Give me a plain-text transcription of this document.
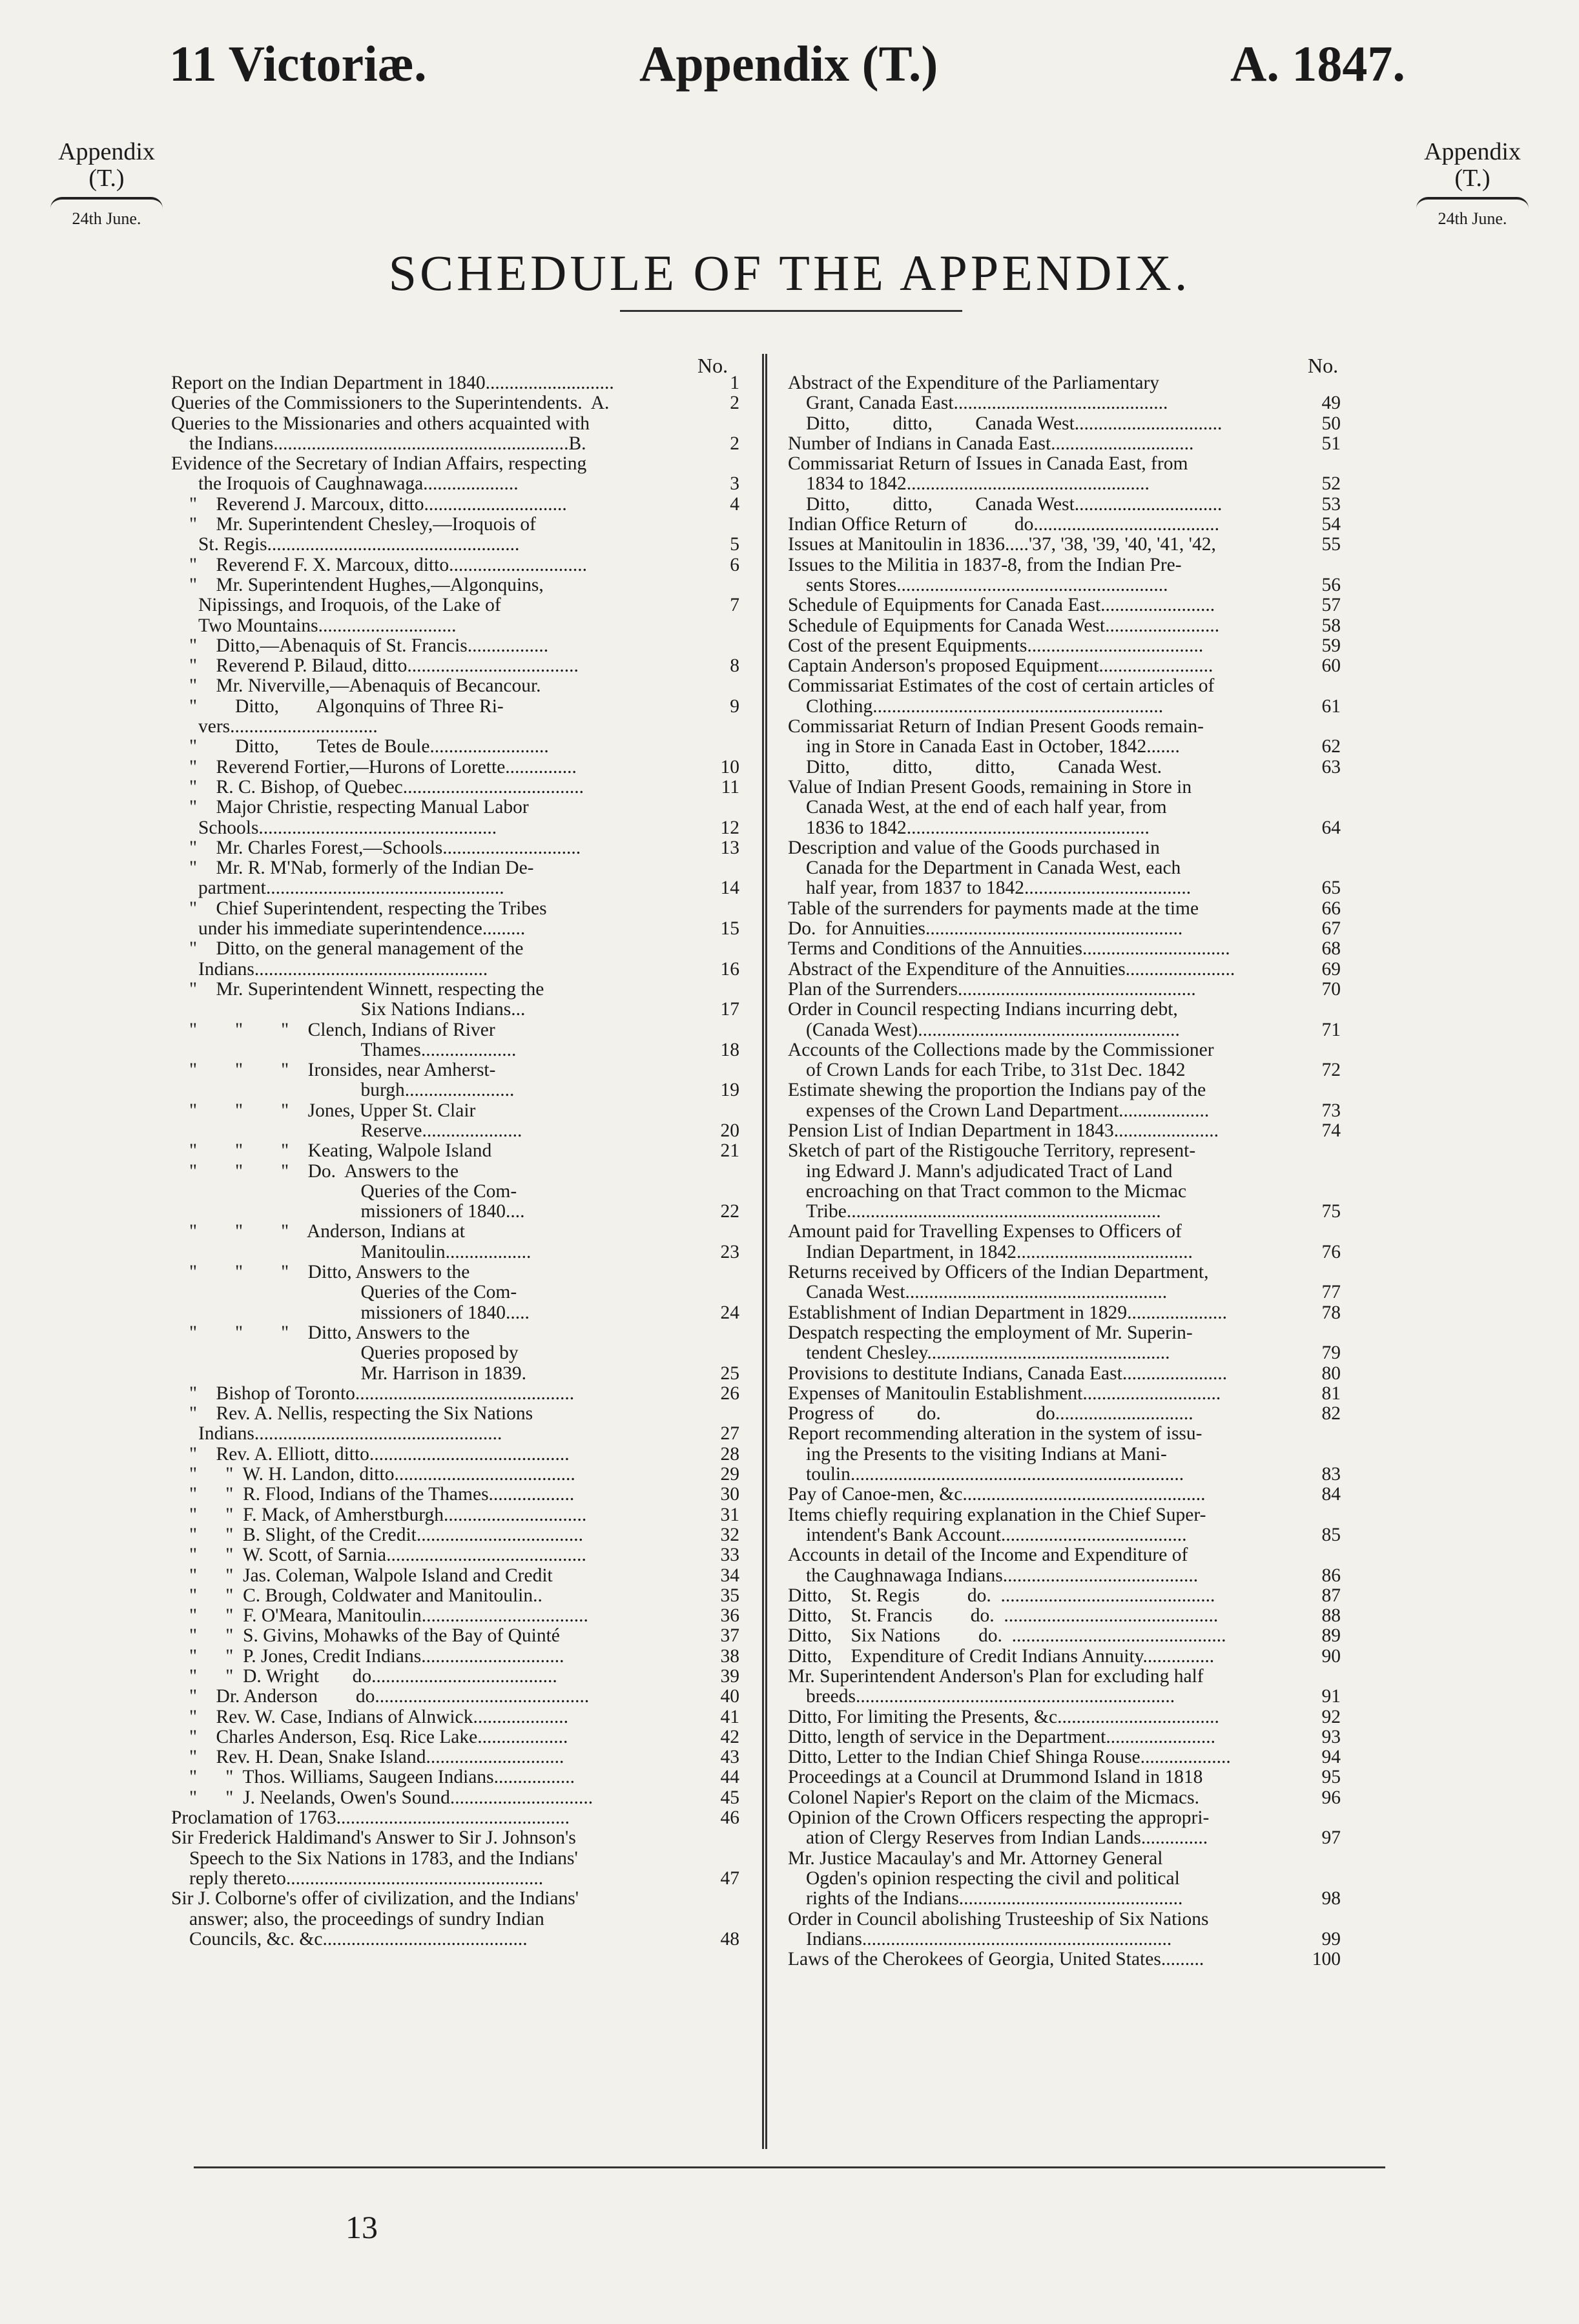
11 Victoriæ.	Appendix (T.)	A. 1847.
Appendix
(T.)
24th June.
Appendix
(T.)
24th June.
SCHEDULE OF THE APPENDIX.
No.	No.
Report on the Indian Department in 1840...........................	1
Queries of the Commissioners to the Superintendents.  A.	2
Queries to the Missionaries and others acquainted with
the Indians..............................................................B.	2
Evidence of the Secretary of Indian Affairs, respecting
the Iroquois of Caughnawaga....................	3
"    Reverend J. Marcoux, ditto..............................	4
"    Mr. Superintendent Chesley,—Iroquois of
St. Regis.....................................................	5
"    Reverend F. X. Marcoux, ditto.............................	6
"    Mr. Superintendent Hughes,—Algonquins,
Nipissings, and Iroquois, of the Lake of	7
Two Mountains.............................
"    Ditto,—Abenaquis of St. Francis.................
"    Reverend P. Bilaud, ditto....................................	8
"    Mr. Niverville,—Abenaquis of Becancour.
"        Ditto,        Algonquins of Three Ri-	9
vers...............................
"        Ditto,        Tetes de Boule.........................
"    Reverend Fortier,—Hurons of Lorette...............	10
"    R. C. Bishop, of Quebec......................................	11
"    Major Christie, respecting Manual Labor
Schools..................................................	12
"    Mr. Charles Forest,—Schools.............................	13
"    Mr. R. M'Nab, formerly of the Indian De-
partment..................................................	14
"    Chief Superintendent, respecting the Tribes
under his immediate superintendence.........	15
"    Ditto, on the general management of the
Indians.................................................	16
"    Mr. Superintendent Winnett, respecting the
Six Nations Indians...	17
"        "        "    Clench, Indians of River
Thames....................	18
"        "        "    Ironsides, near Amherst-
burgh.......................	19
"        "        "    Jones, Upper St. Clair
Reserve.....................	20
"        "        "    Keating, Walpole Island	21
"        "        "    Do.  Answers to the
Queries of the Com-
missioners of 1840....	22
"        "        "    Anderson, Indians at
Manitoulin..................	23
"        "        "    Ditto, Answers to the
Queries of the Com-
missioners of 1840.....	24
"        "        "    Ditto, Answers to the
Queries proposed by
Mr. Harrison in 1839.	25
"    Bishop of Toronto..............................................	26
"    Rev. A. Nellis, respecting the Six Nations
Indians....................................................	27
"    Rev. A. Elliott, ditto..........................................	28
"      "  W. H. Landon, ditto......................................	29
"      "  R. Flood, Indians of the Thames..................	30
"      "  F. Mack, of Amherstburgh..............................	31
"      "  B. Slight, of the Credit...................................	32
"      "  W. Scott, of Sarnia..........................................	33
"      "  Jas. Coleman, Walpole Island and Credit	34
"      "  C. Brough, Coldwater and Manitoulin..	35
"      "  F. O'Meara, Manitoulin...................................	36
"      "  S. Givins, Mohawks of the Bay of Quinté	37
"      "  P. Jones, Credit Indians..............................	38
"      "  D. Wright       do.......................................	39
"    Dr. Anderson        do.............................................	40
"    Rev. W. Case, Indians of Alnwick....................	41
"    Charles Anderson, Esq. Rice Lake...................	42
"    Rev. H. Dean, Snake Island.............................	43
"      "  Thos. Williams, Saugeen Indians.................	44
"      "  J. Neelands, Owen's Sound..............................	45
Proclamation of 1763.................................................	46
Sir Frederick Haldimand's Answer to Sir J. Johnson's
Speech to the Six Nations in 1783, and the Indians'
reply thereto......................................................	47
Sir J. Colborne's offer of civilization, and the Indians'
answer; also, the proceedings of sundry Indian
Councils, &c. &c...........................................	48
Abstract of the Expenditure of the Parliamentary
Grant, Canada East.............................................	49
Ditto,         ditto,         Canada West...............................	50
Number of Indians in Canada East..............................	51
Commissariat Return of Issues in Canada East, from
1834 to 1842...................................................	52
Ditto,         ditto,         Canada West...............................	53
Indian Office Return of          do.......................................	54
Issues at Manitoulin in 1836.....'37, '38, '39, '40, '41, '42,	55
Issues to the Militia in 1837-8, from the Indian Pre-
sents Stores.........................................................	56
Schedule of Equipments for Canada East........................	57
Schedule of Equipments for Canada West........................	58
Cost of the present Equipments.....................................	59
Captain Anderson's proposed Equipment........................	60
Commissariat Estimates of the cost of certain articles of
Clothing.............................................................	61
Commissariat Return of Indian Present Goods remain-
ing in Store in Canada East in October, 1842.......	62
Ditto,         ditto,         ditto,         Canada West.	63
Value of Indian Present Goods, remaining in Store in
Canada West, at the end of each half year, from
1836 to 1842...................................................	64
Description and value of the Goods purchased in
Canada for the Department in Canada West, each
half year, from 1837 to 1842...................................	65
Table of the surrenders for payments made at the time	66
Do.  for Annuities......................................................	67
Terms and Conditions of the Annuities...............................	68
Abstract of the Expenditure of the Annuities.......................	69
Plan of the Surrenders..................................................	70
Order in Council respecting Indians incurring debt,
(Canada West).......................................................	71
Accounts of the Collections made by the Commissioner
of Crown Lands for each Tribe, to 31st Dec. 1842	72
Estimate shewing the proportion the Indians pay of the
expenses of the Crown Land Department...................	73
Pension List of Indian Department in 1843......................	74
Sketch of part of the Ristigouche Territory, represent-
ing Edward J. Mann's adjudicated Tract of Land
encroaching on that Tract common to the Micmac
Tribe..................................................................	75
Amount paid for Travelling Expenses to Officers of
Indian Department, in 1842.....................................	76
Returns received by Officers of the Indian Department,
Canada West.......................................................	77
Establishment of Indian Department in 1829.....................	78
Despatch respecting the employment of Mr. Superin-
tendent Chesley...................................................	79
Provisions to destitute Indians, Canada East......................	80
Expenses of Manitoulin Establishment.............................	81
Progress of         do.                    do.............................	82
Report recommending alteration in the system of issu-
ing the Presents to the visiting Indians at Mani-
toulin......................................................................	83
Pay of Canoe-men, &c...................................................	84
Items chiefly requiring explanation in the Chief Super-
intendent's Bank Account.......................................	85
Accounts in detail of the Income and Expenditure of
the Caughnawaga Indians.........................................	86
Ditto,    St. Regis          do.  .............................................	87
Ditto,    St. Francis        do.  .............................................	88
Ditto,    Six Nations        do.  .............................................	89
Ditto,    Expenditure of Credit Indians Annuity...............	90
Mr. Superintendent Anderson's Plan for excluding half
breeds...................................................................	91
Ditto, For limiting the Presents, &c..................................	92
Ditto, length of service in the Department.......................	93
Ditto, Letter to the Indian Chief Shinga Rouse...................	94
Proceedings at a Council at Drummond Island in 1818	95
Colonel Napier's Report on the claim of the Micmacs.	96
Opinion of the Crown Officers respecting the appropri-
ation of Clergy Reserves from Indian Lands..............	97
Mr. Justice Macaulay's and Mr. Attorney General
Ogden's opinion respecting the civil and political
rights of the Indians...............................................	98
Order in Council abolishing Trusteeship of Six Nations
Indians.................................................................	99
Laws of the Cherokees of Georgia, United States.........	100
13
